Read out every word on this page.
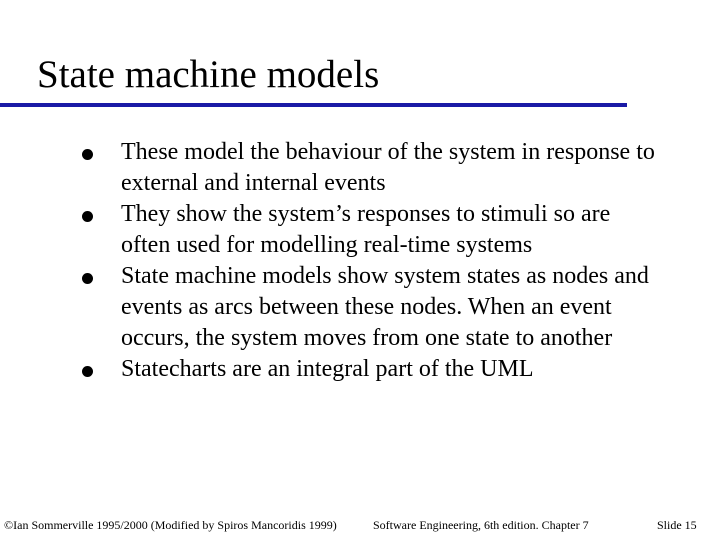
State machine models
These model the behaviour of the system in response to external and internal events
They show the system’s responses to stimuli so are often used for modelling real-time systems
State machine models show system states as nodes and events as arcs between these nodes. When an event occurs, the system moves from one state to another
Statecharts are an integral part of the UML
©Ian Sommerville 1995/2000 (Modified by Spiros Mancoridis 1999)	Software Engineering, 6th edition. Chapter 7	Slide 15
